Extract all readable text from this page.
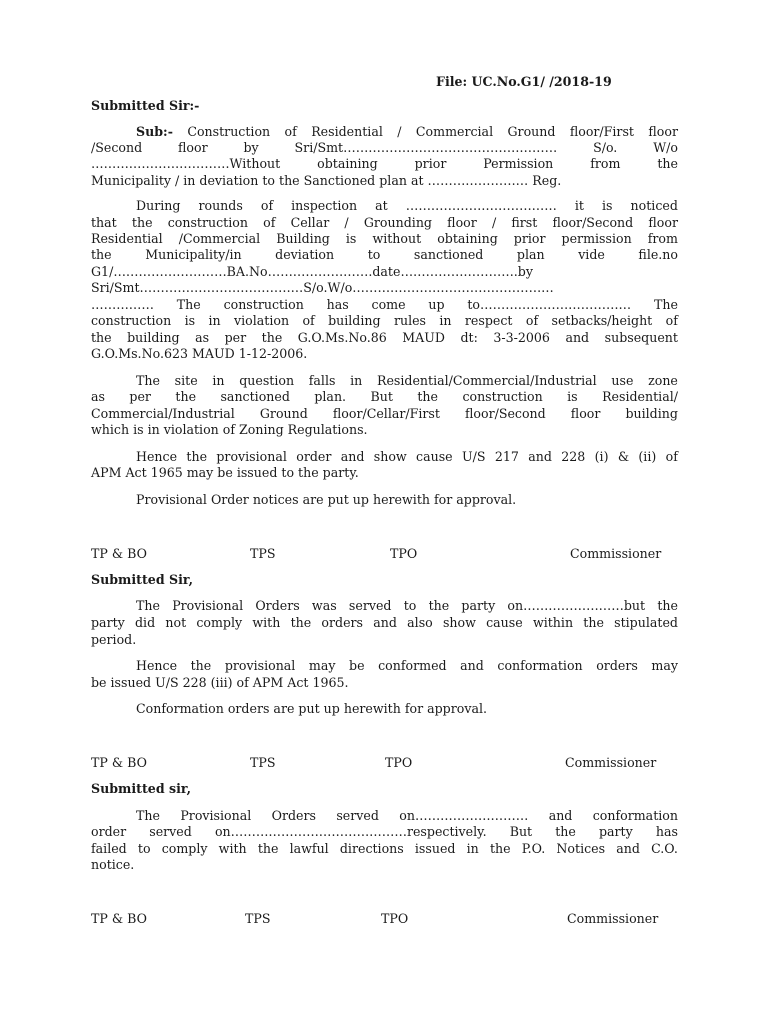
File: UC.No.G1/ /2018-19
Submitted Sir:-
Sub:- Construction of Residential / Commercial Ground floor/First floor
/Second	floor	by	Sri/Smt……………………………………………	S/o.	W/o
……………………………Without	obtaining	prior	Permission	from	the
Municipality / in deviation to the Sanctioned plan at …………………… Reg.
During rounds of inspection at ……………………………… it is noticed
that the construction of Cellar / Grounding floor / first floor/Second floor
Residential /Commercial Building is without obtaining prior permission from
the	Municipality/in	deviation	to	sanctioned	plan	vide	file.no
G1/………………………BA.No…………………….date……………………….by
Sri/Smt…………………………………S/o.W/o…………………………………………
…………… The construction has come up to……………………………… The
construction is in violation of building rules in respect of setbacks/height of
the building as per the G.O.Ms.No.86 MAUD dt: 3-3-2006 and subsequent
G.O.Ms.No.623 MAUD 1-12-2006.
The site in question falls in Residential/Commercial/Industrial use zone
as per the sanctioned plan. But the construction is Residential/
Commercial/Industrial Ground floor/Cellar/First floor/Second floor building
which is in violation of Zoning Regulations.
Hence the provisional order and show cause U/S 217 and 228 (i) & (ii) of
APM Act 1965 may be issued to the party.
Provisional Order notices are put up herewith for approval.
TP & BO	TPS	TPO	Commissioner
Submitted Sir,
The Provisional Orders was served to the party on……………………but the
party did not comply with the orders and also show cause within the stipulated
period.
Hence the provisional may be conformed and conformation orders may
be issued U/S 228 (iii) of APM Act 1965.
Conformation orders are put up herewith for approval.
TP & BO	TPS	TPO	Commissioner
Submitted sir,
The Provisional Orders served on……………………… and conformation
order served on……………………………………respectively. But the party has
failed to comply with the lawful directions issued in the P.O. Notices and C.O.
notice.
TP & BO	TPS	TPO	Commissioner
